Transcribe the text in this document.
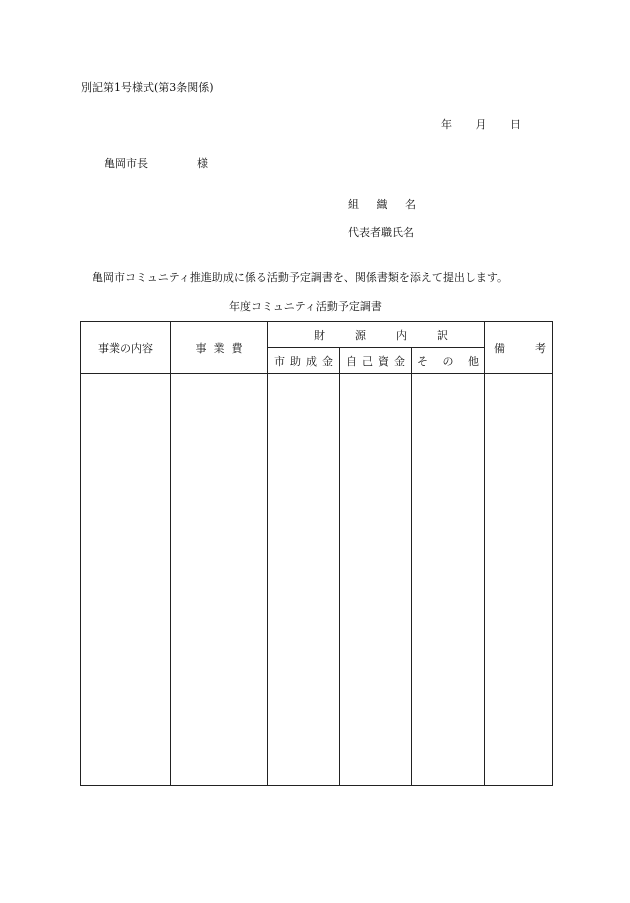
別記第1号様式(第3条関係)
年 月 日
亀岡市長	様
組 織 名
代表者職氏名
亀岡市コミュニティ推進助成に係る活動予定調書を、関係書類を添えて提出します。
年度コミュニティ活動予定調書
事業の内容	事 業 費	財 源 内 訳			備 考

		市 助 成 金	自 己 資 金	そ の 他	
